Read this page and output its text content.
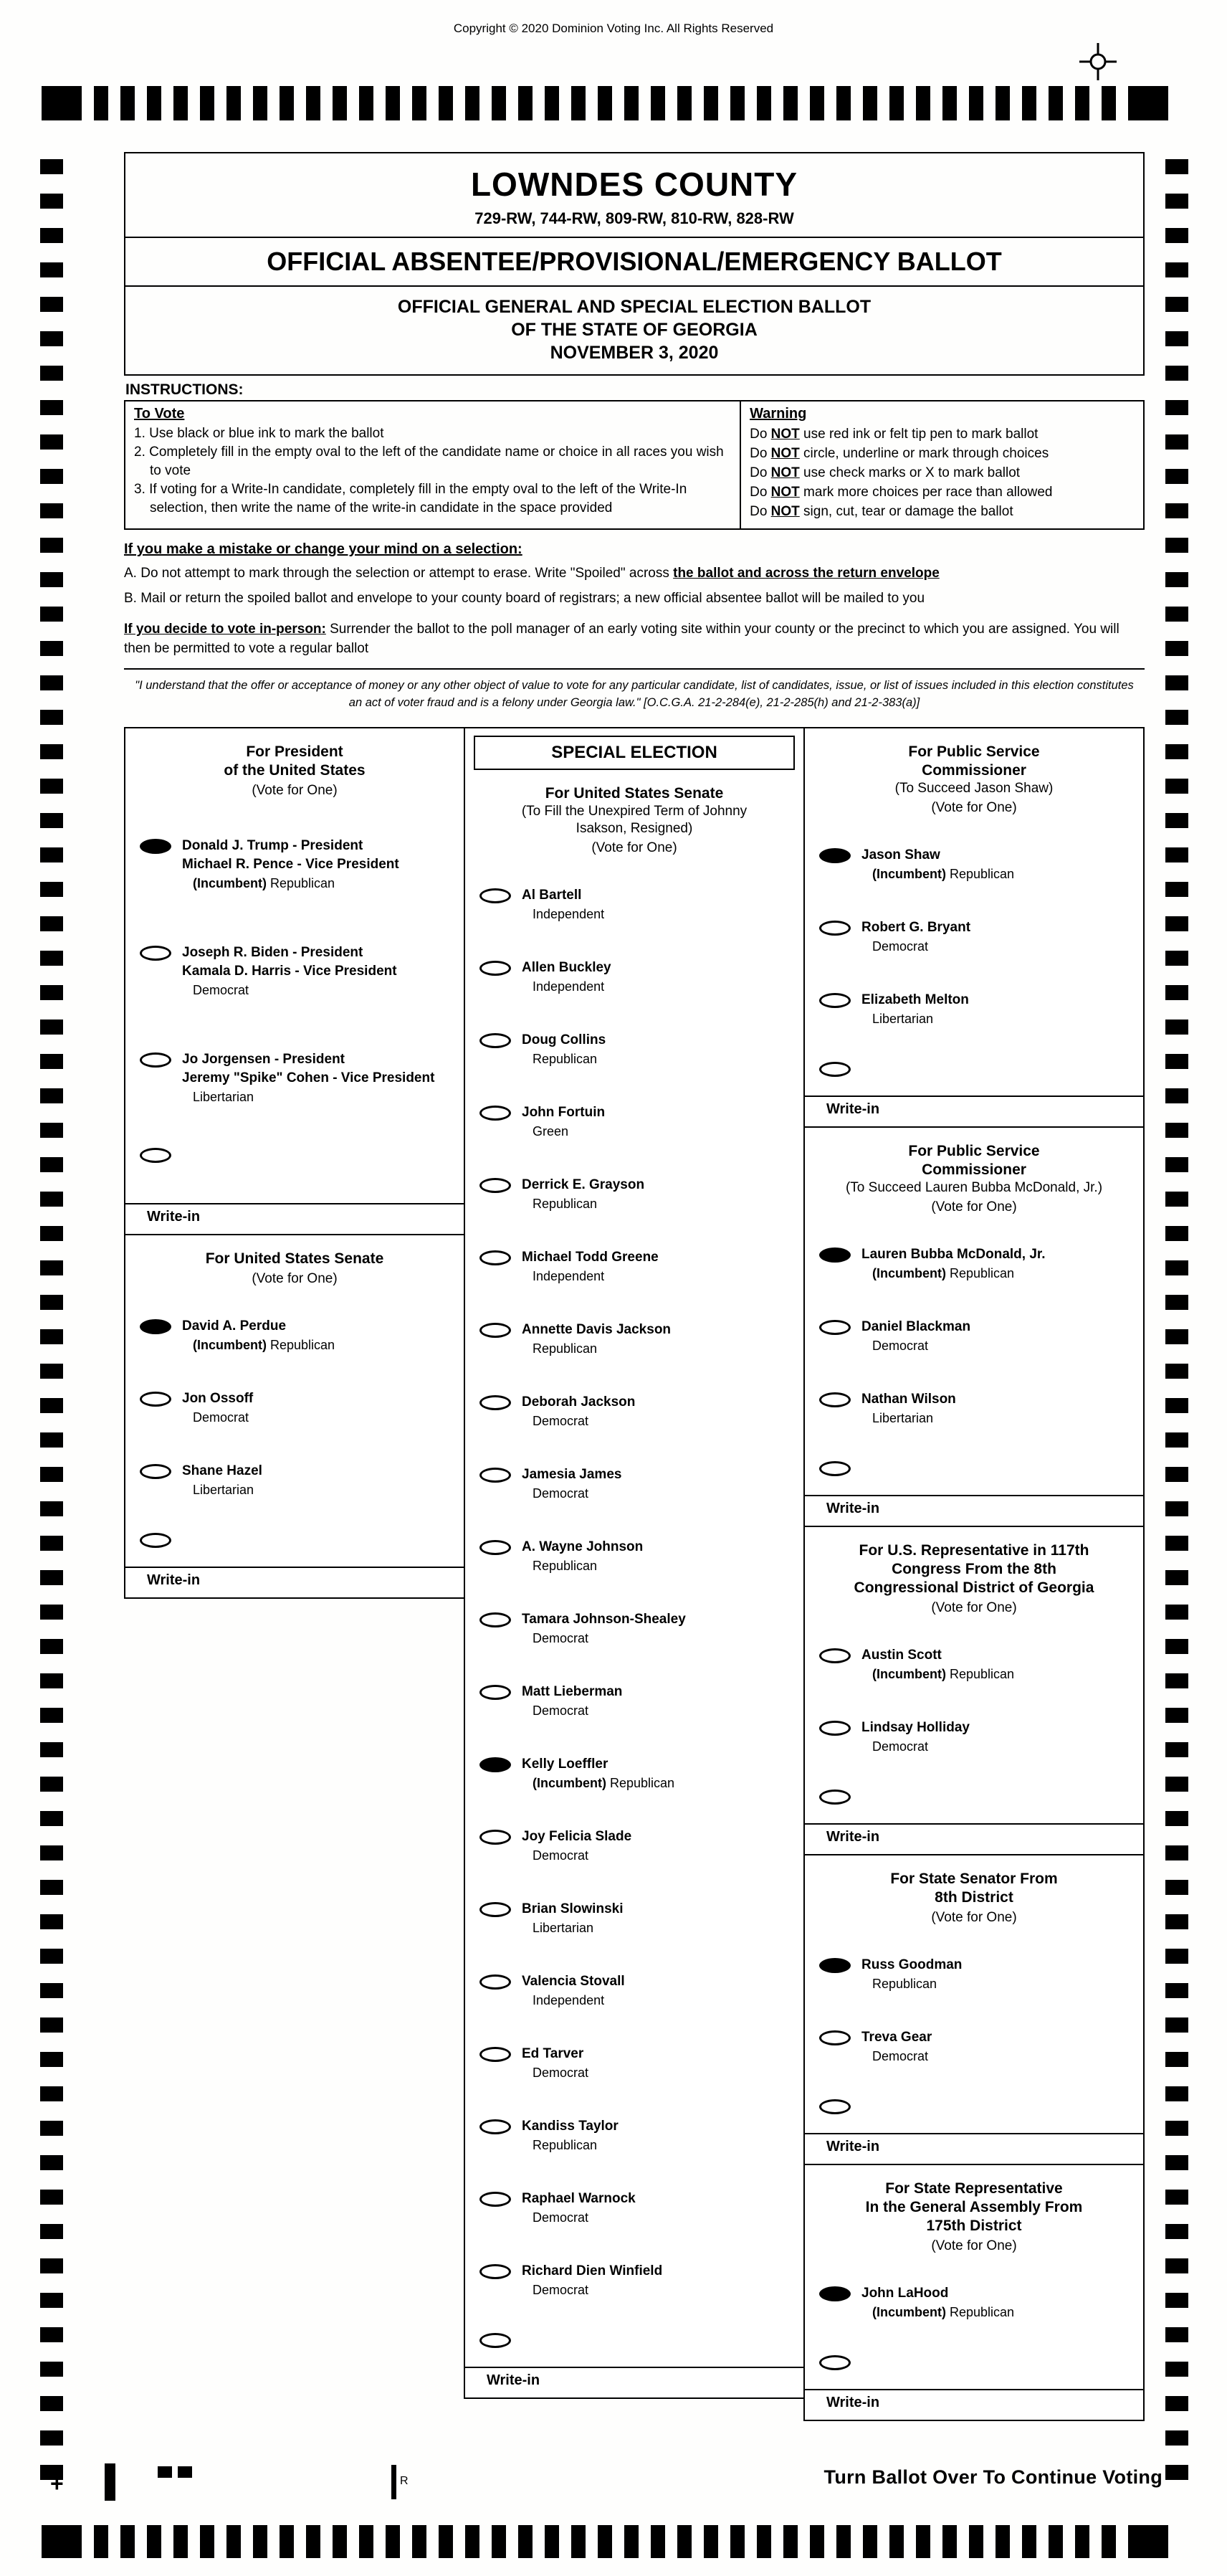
Copyright © 2020 Dominion Voting Inc. All Rights Reserved
LOWNDES COUNTY
729-RW, 744-RW, 809-RW, 810-RW, 828-RW
OFFICIAL ABSENTEE/PROVISIONAL/EMERGENCY BALLOT
OFFICIAL GENERAL AND SPECIAL ELECTION BALLOT
OF THE STATE OF GEORGIA
NOVEMBER 3, 2020
INSTRUCTIONS:
To Vote
1. Use black or blue ink to mark the ballot
2. Completely fill in the empty oval to the left of the candidate name or choice in all races you wish to vote
3. If voting for a Write-In candidate, completely fill in the empty oval to the left of the Write-In selection, then write the name of the write-in candidate in the space provided
Warning
Do NOT use red ink or felt tip pen to mark ballot
Do NOT circle, underline or mark through choices
Do NOT use check marks or X to mark ballot
Do NOT mark more choices per race than allowed
Do NOT sign, cut, tear or damage the ballot
If you make a mistake or change your mind on a selection:
A. Do not attempt to mark through the selection or attempt to erase. Write "Spoiled" across the ballot and across the return envelope
B. Mail or return the spoiled ballot and envelope to your county board of registrars; a new official absentee ballot will be mailed to you
If you decide to vote in-person: Surrender the ballot to the poll manager of an early voting site within your county or the precinct to which you are assigned. You will then be permitted to vote a regular ballot
"I understand that the offer or acceptance of money or any other object of value to vote for any particular candidate, list of candidates, issue, or list of issues included in this election constitutes an act of voter fraud and is a felony under Georgia law." [O.C.G.A. 21-2-284(e), 21-2-285(h) and 21-2-383(a)]
For President
of the United States
(Vote for One)
Donald J. Trump - President
Michael R. Pence - Vice President
(Incumbent) Republican
Joseph R. Biden - President
Kamala D. Harris - Vice President
Democrat
Jo Jorgensen - President
Jeremy "Spike" Cohen - Vice President
Libertarian
Write-in
For United States Senate
(Vote for One)
David A. Perdue
(Incumbent) Republican
Jon Ossoff
Democrat
Shane Hazel
Libertarian
Write-in
SPECIAL ELECTION
For United States Senate
(To Fill the Unexpired Term of Johnny
Isakson, Resigned)
(Vote for One)
Al Bartell
Independent
Allen Buckley
Independent
Doug Collins
Republican
John Fortuin
Green
Derrick E. Grayson
Republican
Michael Todd Greene
Independent
Annette Davis Jackson
Republican
Deborah Jackson
Democrat
Jamesia James
Democrat
A. Wayne Johnson
Republican
Tamara Johnson-Shealey
Democrat
Matt Lieberman
Democrat
Kelly Loeffler
(Incumbent) Republican
Joy Felicia Slade
Democrat
Brian Slowinski
Libertarian
Valencia Stovall
Independent
Ed Tarver
Democrat
Kandiss Taylor
Republican
Raphael Warnock
Democrat
Richard Dien Winfield
Democrat
Write-in
For Public Service
Commissioner
(To Succeed Jason Shaw)
(Vote for One)
Jason Shaw
(Incumbent) Republican
Robert G. Bryant
Democrat
Elizabeth Melton
Libertarian
Write-in
For Public Service
Commissioner
(To Succeed Lauren Bubba McDonald, Jr.)
(Vote for One)
Lauren Bubba McDonald, Jr.
(Incumbent) Republican
Daniel Blackman
Democrat
Nathan Wilson
Libertarian
Write-in
For U.S. Representative in 117th
Congress From the 8th
Congressional District of Georgia
(Vote for One)
Austin Scott
(Incumbent) Republican
Lindsay Holliday
Democrat
Write-in
For State Senator From
8th District
(Vote for One)
Russ Goodman
Republican
Treva Gear
Democrat
Write-in
For State Representative
In the General Assembly From
175th District
(Vote for One)
John LaHood
(Incumbent) Republican
Write-in
Turn Ballot Over To Continue Voting
+	R
